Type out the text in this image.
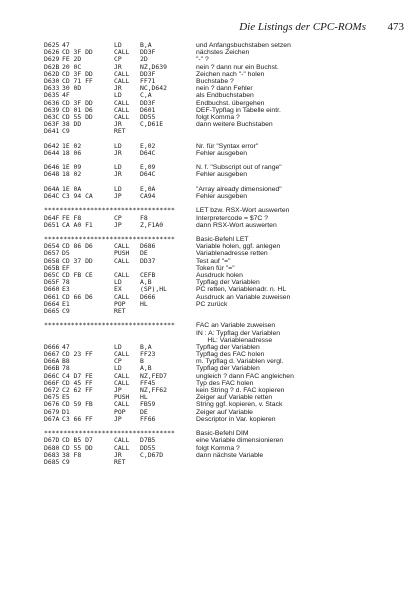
Die Listings der CPC-ROMs 473
D625 47	LD	B,A	und Anfangsbuchstaben setzen
D626 CD 3F DD	CALL DD3F	nächstes Zeichen
D629 FE 2D	CP	2D	"-" ?
D62B 20 0C	JR	NZ,D639	nein ? dann nur ein Buchst.
D62D CD 3F DD	CALL DD3F	Zeichen nach "-" holen
D630 CD 71 FF	CALL FF71	Buchstabe ?
D633 30 0D	JR	NC,D642	nein ? dann Fehler
D635 4F	LD	C,A	als Endbuchstaben
D636 CD 3F DD	CALL DD3F	Endbuchst. übergehen
D639 CD 01 D6	CALL D601	DEF-Typflag in Tabelle eintr.
D63C CD 55 DD	CALL DD55	folgt Komma ?
D63F 38 DD	JR	C,D61E	dann weitere Buchstaben
D641 C9	RET
D642 1E 02	LD	E,02	Nr. für "Syntax error"
D644 18 06	JR	D64C	Fehler ausgeben
D646 1E 09	LD	E,09	N. f. "Subscript out of range"
D648 18 02	JR	D64C	Fehler ausgeben
D64A 1E 0A	LD	E,0A	"Array already dimensioned"
D64C C3 94 CA	JP	CA94	Fehler ausgeben
**********************************	LET bzw. RSX-Wort auswerten
D64F FE F8	CP	F8	Interpretercode = $7C ?
D651 CA A0 F1	JP	Z,F1A0	dann RSX-Wort auswerten
**********************************	Basic-Befehl LET
D654 CD 86 D6	CALL D686	Variable holen, ggf. anlegen
D657 D5	PUSH DE	Variablenadresse retten
D658 CD 37 DD	CALL DD37	Test auf "="
D65B EF	Token für "="
D65C CD FB CE	CALL CEFB	Ausdruck holen
D65F 78	LD	A,B	Typflag der Variablen
D660 E3	EX	(SP),HL	PC retten, Variablenadr. n. HL
D661 CD 66 D6	CALL D666	Ausdruck an Variable zuweisen
D664 E1	POP HL	PC zurück
D665 C9	RET
**********************************	FAC an Variable zuweisen
IN : A: Typflag der Variablen
HL: Variablenadresse
D666 47	LD	B,A	Typflag der Variablen
D667 CD 23 FF	CALL FF23	Typflag des FAC holen
D66A B8	CP	B	m. Typflag d. Variablen vergl.
D66B 78	LD	A,B	Typflag der Variablen
D66C C4 D7 FE	CALL NZ,FED7	ungleich ? dann FAC angleichen
D66F CD 45 FF	CALL FF45	Typ des FAC holen
D672 C2 62 FF	JP	NZ,FF62	kein String ? d. FAC kopieren
D675 E5	PUSH HL	Zeiger auf Variable retten
D676 CD 59 FB	CALL FB59	String ggf. kopieren, v. Stack
D679 D1	POP DE	Zeiger auf Variable
D67A C3 66 FF	JP	FF66	Descriptor in Var. kopieren
**********************************	Basic-Befehl DIM
D67D CD B5 D7	CALL D7B5	eine Variable dimensionieren
D680 CD 55 DD	CALL DD55	folgt Komma ?
D683 38 F8	JR	C,D67D	dann nächste Variable
D685 C9	RET
